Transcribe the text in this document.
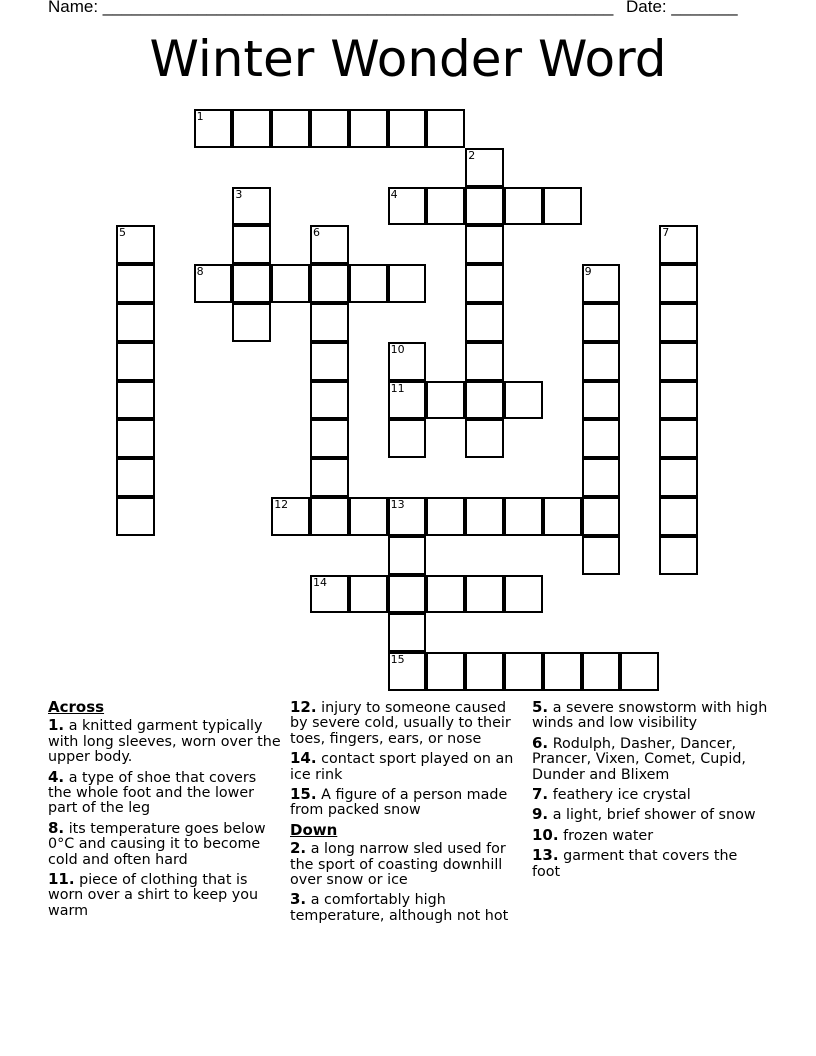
Name: ______________________________________________________ Date: _______
Winter Wonder Word
1
2
3	4
5	6	7
8	9
10
11
12	13
15
14
Across
1. a knitted garment typically with long sleeves, worn over the upper body.
4. a type of shoe that covers the whole foot and the lower part of the leg
8. its temperature goes below 0°C and causing it to become cold and often hard
11. piece of clothing that is worn over a shirt to keep you warm
12. injury to someone caused by severe cold, usually to their toes, fingers, ears, or nose
14. contact sport played on an ice rink
15. A figure of a person made from packed snow
Down
2. a long narrow sled used for the sport of coasting downhill over snow or ice
3. a comfortably high temperature, although not hot
5. a severe snowstorm with high winds and low visibility
6. Rodulph, Dasher, Dancer, Prancer, Vixen, Comet, Cupid, Dunder and Blixem
7. feathery ice crystal
9. a light, brief shower of snow
10. frozen water
13. garment that covers the foot
